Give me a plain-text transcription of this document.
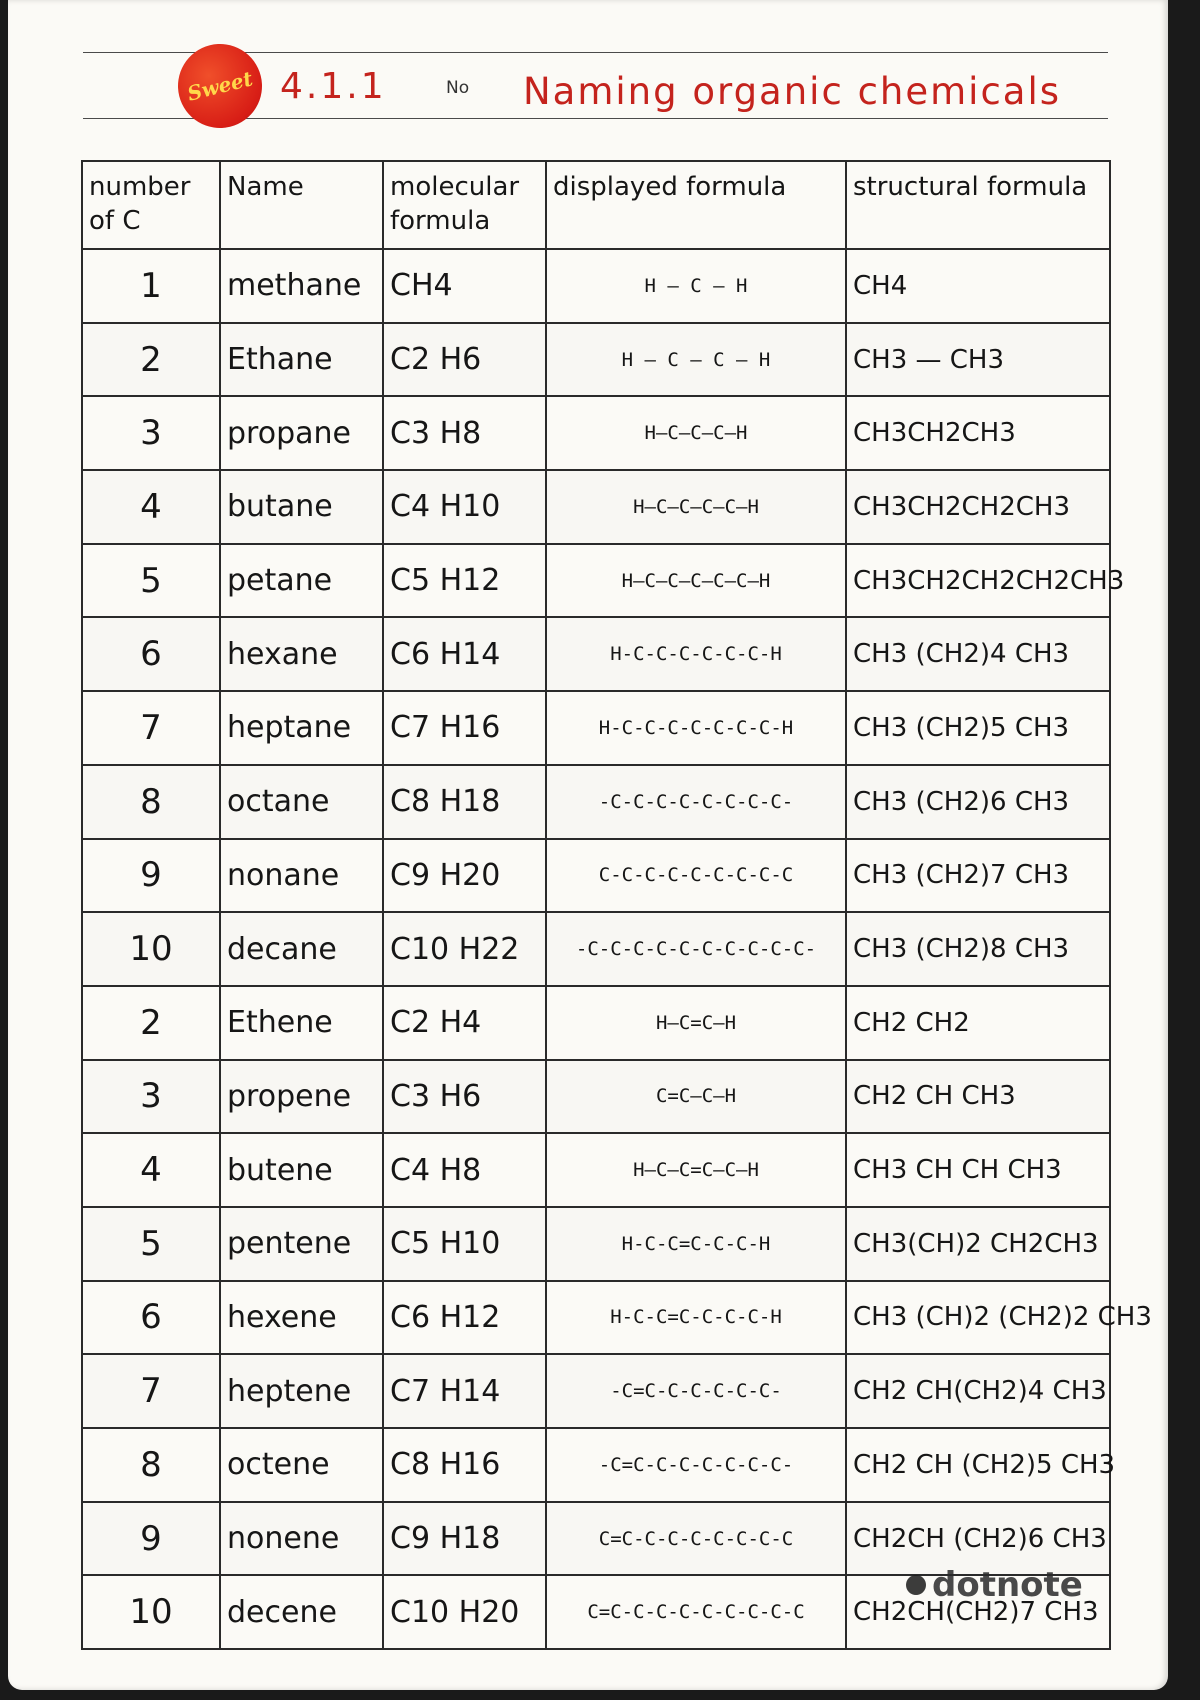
Sweet 4.1.1	No Naming organic chemicals
number of C	Name	molecular formula	displayed formula	structural formula
1	methane	CH4	H — C — H	CH4
2	Ethane	C2 H6	H — C — C — H	CH3 — CH3
3	propane	C3 H8	H—C—C—C—H	CH3CH2CH3
4	butane	C4 H10	H—C—C—C—C—H	CH3CH2CH2CH3
5	petane	C5 H12	H—C—C—C—C—C—H	CH3CH2CH2CH2CH3
6	hexane	C6 H14	H-C-C-C-C-C-C-H	CH3 (CH2)4 CH3
7	heptane	C7 H16	H-C-C-C-C-C-C-C-H	CH3 (CH2)5 CH3
8	octane	C8 H18	-C-C-C-C-C-C-C-C-	CH3 (CH2)6 CH3
9	nonane	C9 H20	C-C-C-C-C-C-C-C-C	CH3 (CH2)7 CH3
10	decane	C10 H22	-C-C-C-C-C-C-C-C-C-C-	CH3 (CH2)8 CH3
2	Ethene	C2 H4	H—C=C—H	CH2 CH2
3	propene	C3 H6	C=C—C—H	CH2 CH CH3
4	butene	C4 H8	H—C—C=C—C—H	CH3 CH CH CH3
5	pentene	C5 H10	H-C-C=C-C-C-H	CH3(CH)2 CH2CH3
6	hexene	C6 H12	H-C-C=C-C-C-C-H	CH3 (CH)2 (CH2)2 CH3
7	heptene	C7 H14	-C=C-C-C-C-C-C-	CH2 CH(CH2)4 CH3
8	octene	C8 H16	-C=C-C-C-C-C-C-C-	CH2 CH (CH2)5 CH3
9	nonene	C9 H18	C=C-C-C-C-C-C-C-C	CH2CH (CH2)6 CH3
10	decene	C10 H20	C=C-C-C-C-C-C-C-C-C	CH2CH(CH2)7 CH3
dotnote
